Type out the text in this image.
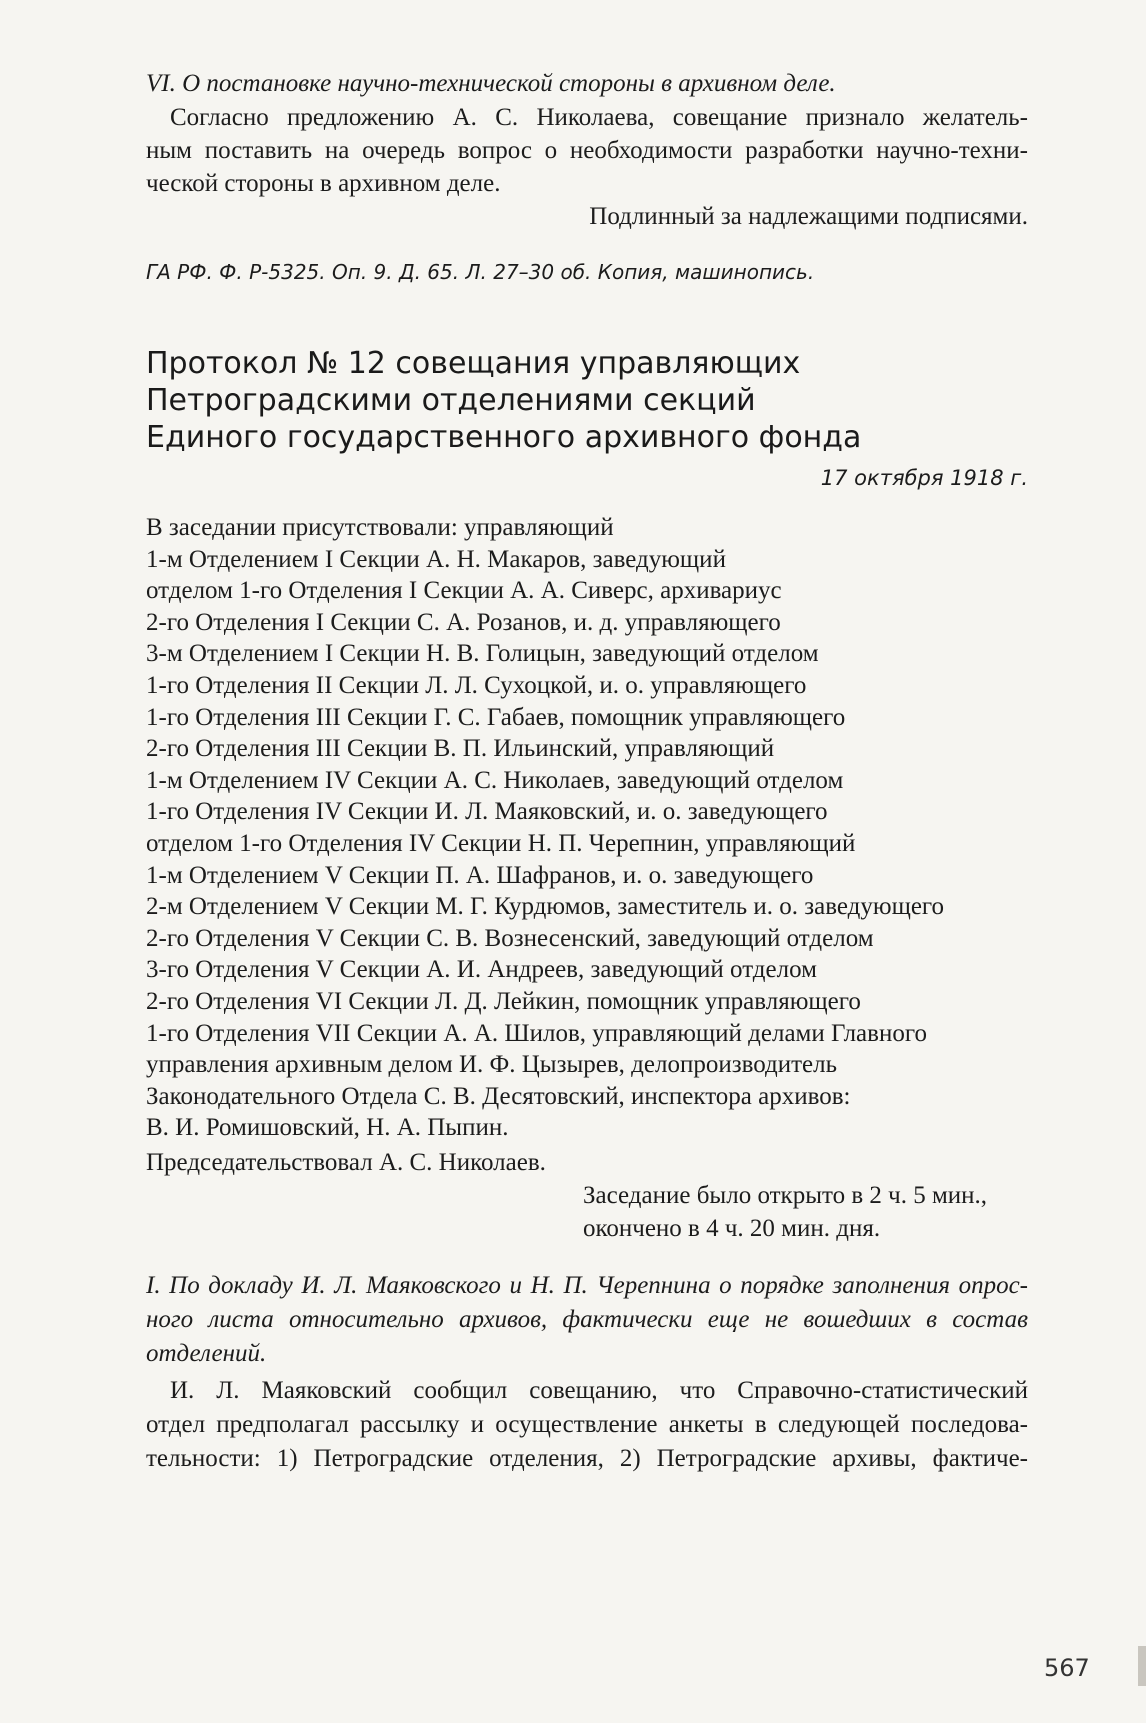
VI. О постановке научно-технической стороны в архивном деле.
Согласно предложению А. С. Николаева, совещание признало желатель-
ным поставить на очередь вопрос о необходимости разработки научно-техни-
ческой стороны в архивном деле.
Подлинный за надлежащими подписями.
ГА РФ. Ф. Р-5325. Оп. 9. Д. 65. Л. 27–30 об. Копия, машинопись.
Протокол № 12 совещания управляющих
Петроградскими отделениями секций
Единого государственного архивного фонда
17 октября 1918 г.
В заседании присутствовали: управляющий
1-м Отделением I Секции А. Н. Макаров, заведующий
отделом 1-го Отделения I Секции А. А. Сиверс, архивариус
2-го Отделения I Секции С. А. Розанов, и. д. управляющего
3-м Отделением I Секции Н. В. Голицын, заведующий отделом
1-го Отделения II Секции Л. Л. Сухоцкой, и. о. управляющего
1-го Отделения III Секции Г. С. Габаев, помощник управляющего
2-го Отделения III Секции В. П. Ильинский, управляющий
1-м Отделением IV Секции А. С. Николаев, заведующий отделом
1-го Отделения IV Секции И. Л. Маяковский, и. о. заведующего
отделом 1-го Отделения IV Секции Н. П. Черепнин, управляющий
1-м Отделением V Секции П. А. Шафранов, и. о. заведующего
2-м Отделением V Секции М. Г. Курдюмов, заместитель и. о. заведующего
2-го Отделения V Секции С. В. Вознесенский, заведующий отделом
3-го Отделения V Секции А. И. Андреев, заведующий отделом
2-го Отделения VI Секции Л. Д. Лейкин, помощник управляющего
1-го Отделения VII Секции А. А. Шилов, управляющий делами Главного
управления архивным делом И. Ф. Цызырев, делопроизводитель
Законодательного Отдела С. В. Десятовский, инспектора архивов:
В. И. Ромишовский, Н. А. Пыпин.
Председательствовал А. С. Николаев.
Заседание было открыто в 2 ч. 5 мин.,
окончено в 4 ч. 20 мин. дня.
I. По докладу И. Л. Маяковского и Н. П. Черепнина о порядке заполнения опрос-
ного листа относительно архивов, фактически еще не вошедших в состав
отделений.
И. Л. Маяковский сообщил совещанию, что Справочно-статистический
отдел предполагал рассылку и осуществление анкеты в следующей последова-
тельности: 1) Петроградские отделения, 2) Петроградские архивы, фактиче-
567
